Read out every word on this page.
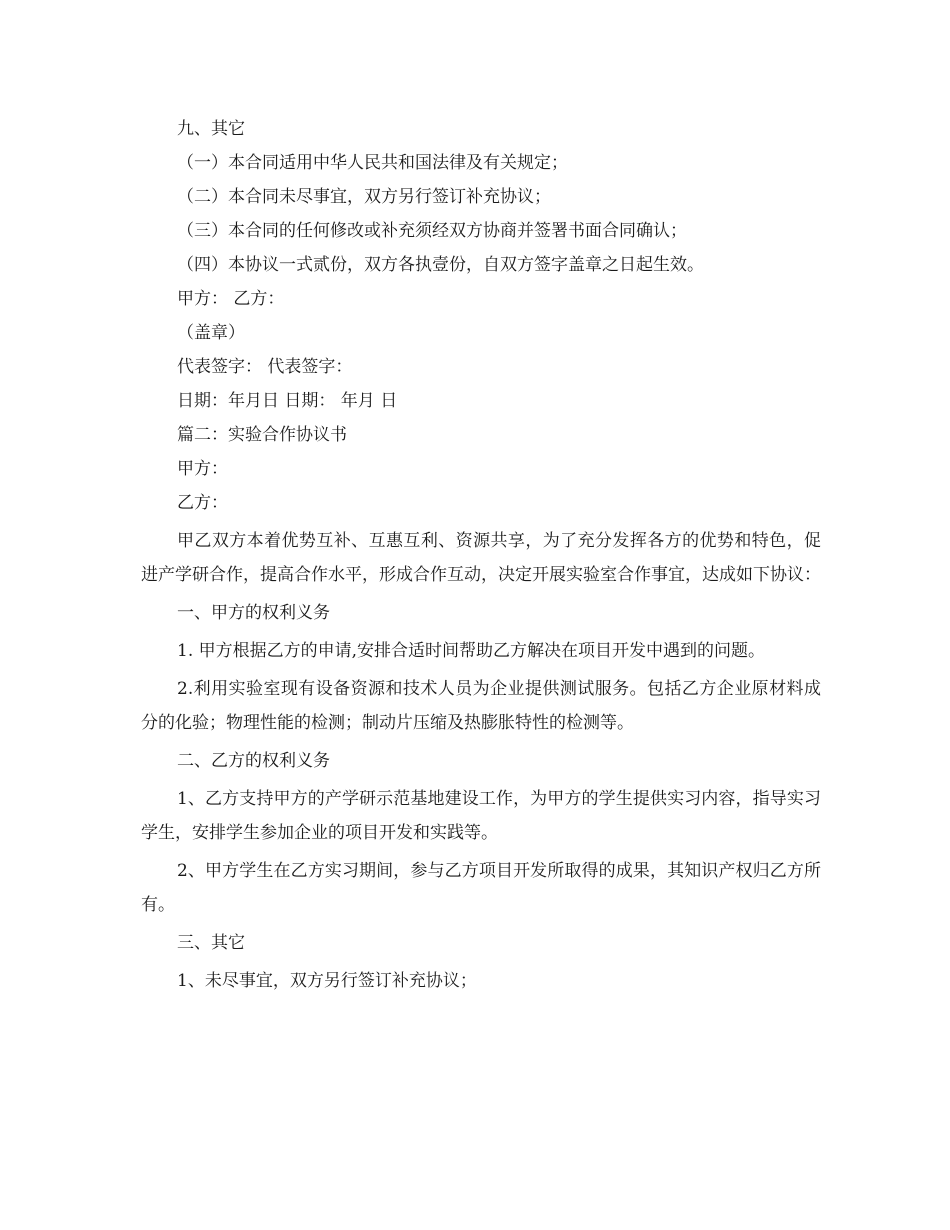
九、其它
（一）本合同适用中华人民共和国法律及有关规定；
（二）本合同未尽事宜，双方另行签订补充协议；
（三）本合同的任何修改或补充须经双方协商并签署书面合同确认；
（四）本协议一式贰份，双方各执壹份，自双方签字盖章之日起生效。
甲方： 乙方：
（盖章）
代表签字： 代表签字：
日期：年月日 日期： 年月 日
篇二：实验合作协议书
甲方：
乙方：

甲乙双方本着优势互补、互惠互利、资源共享，为了充分发挥各方的优势和特色，促进产学研合作，提高合作水平，形成合作互动，决定开展实验室合作事宜，达成如下协议：

一、甲方的权利义务

1. 甲方根据乙方的申请,安排合适时间帮助乙方解决在项目开发中遇到的问题。

2.利用实验室现有设备资源和技术人员为企业提供测试服务。包括乙方企业原材料成分的化验；物理性能的检测；制动片压缩及热膨胀特性的检测等。

二、乙方的权利义务

1、乙方支持甲方的产学研示范基地建设工作，为甲方的学生提供实习内容，指导实习学生，安排学生参加企业的项目开发和实践等。

2、甲方学生在乙方实习期间，参与乙方项目开发所取得的成果，其知识产权归乙方所有。

三、其它
1、未尽事宜，双方另行签订补充协议；
